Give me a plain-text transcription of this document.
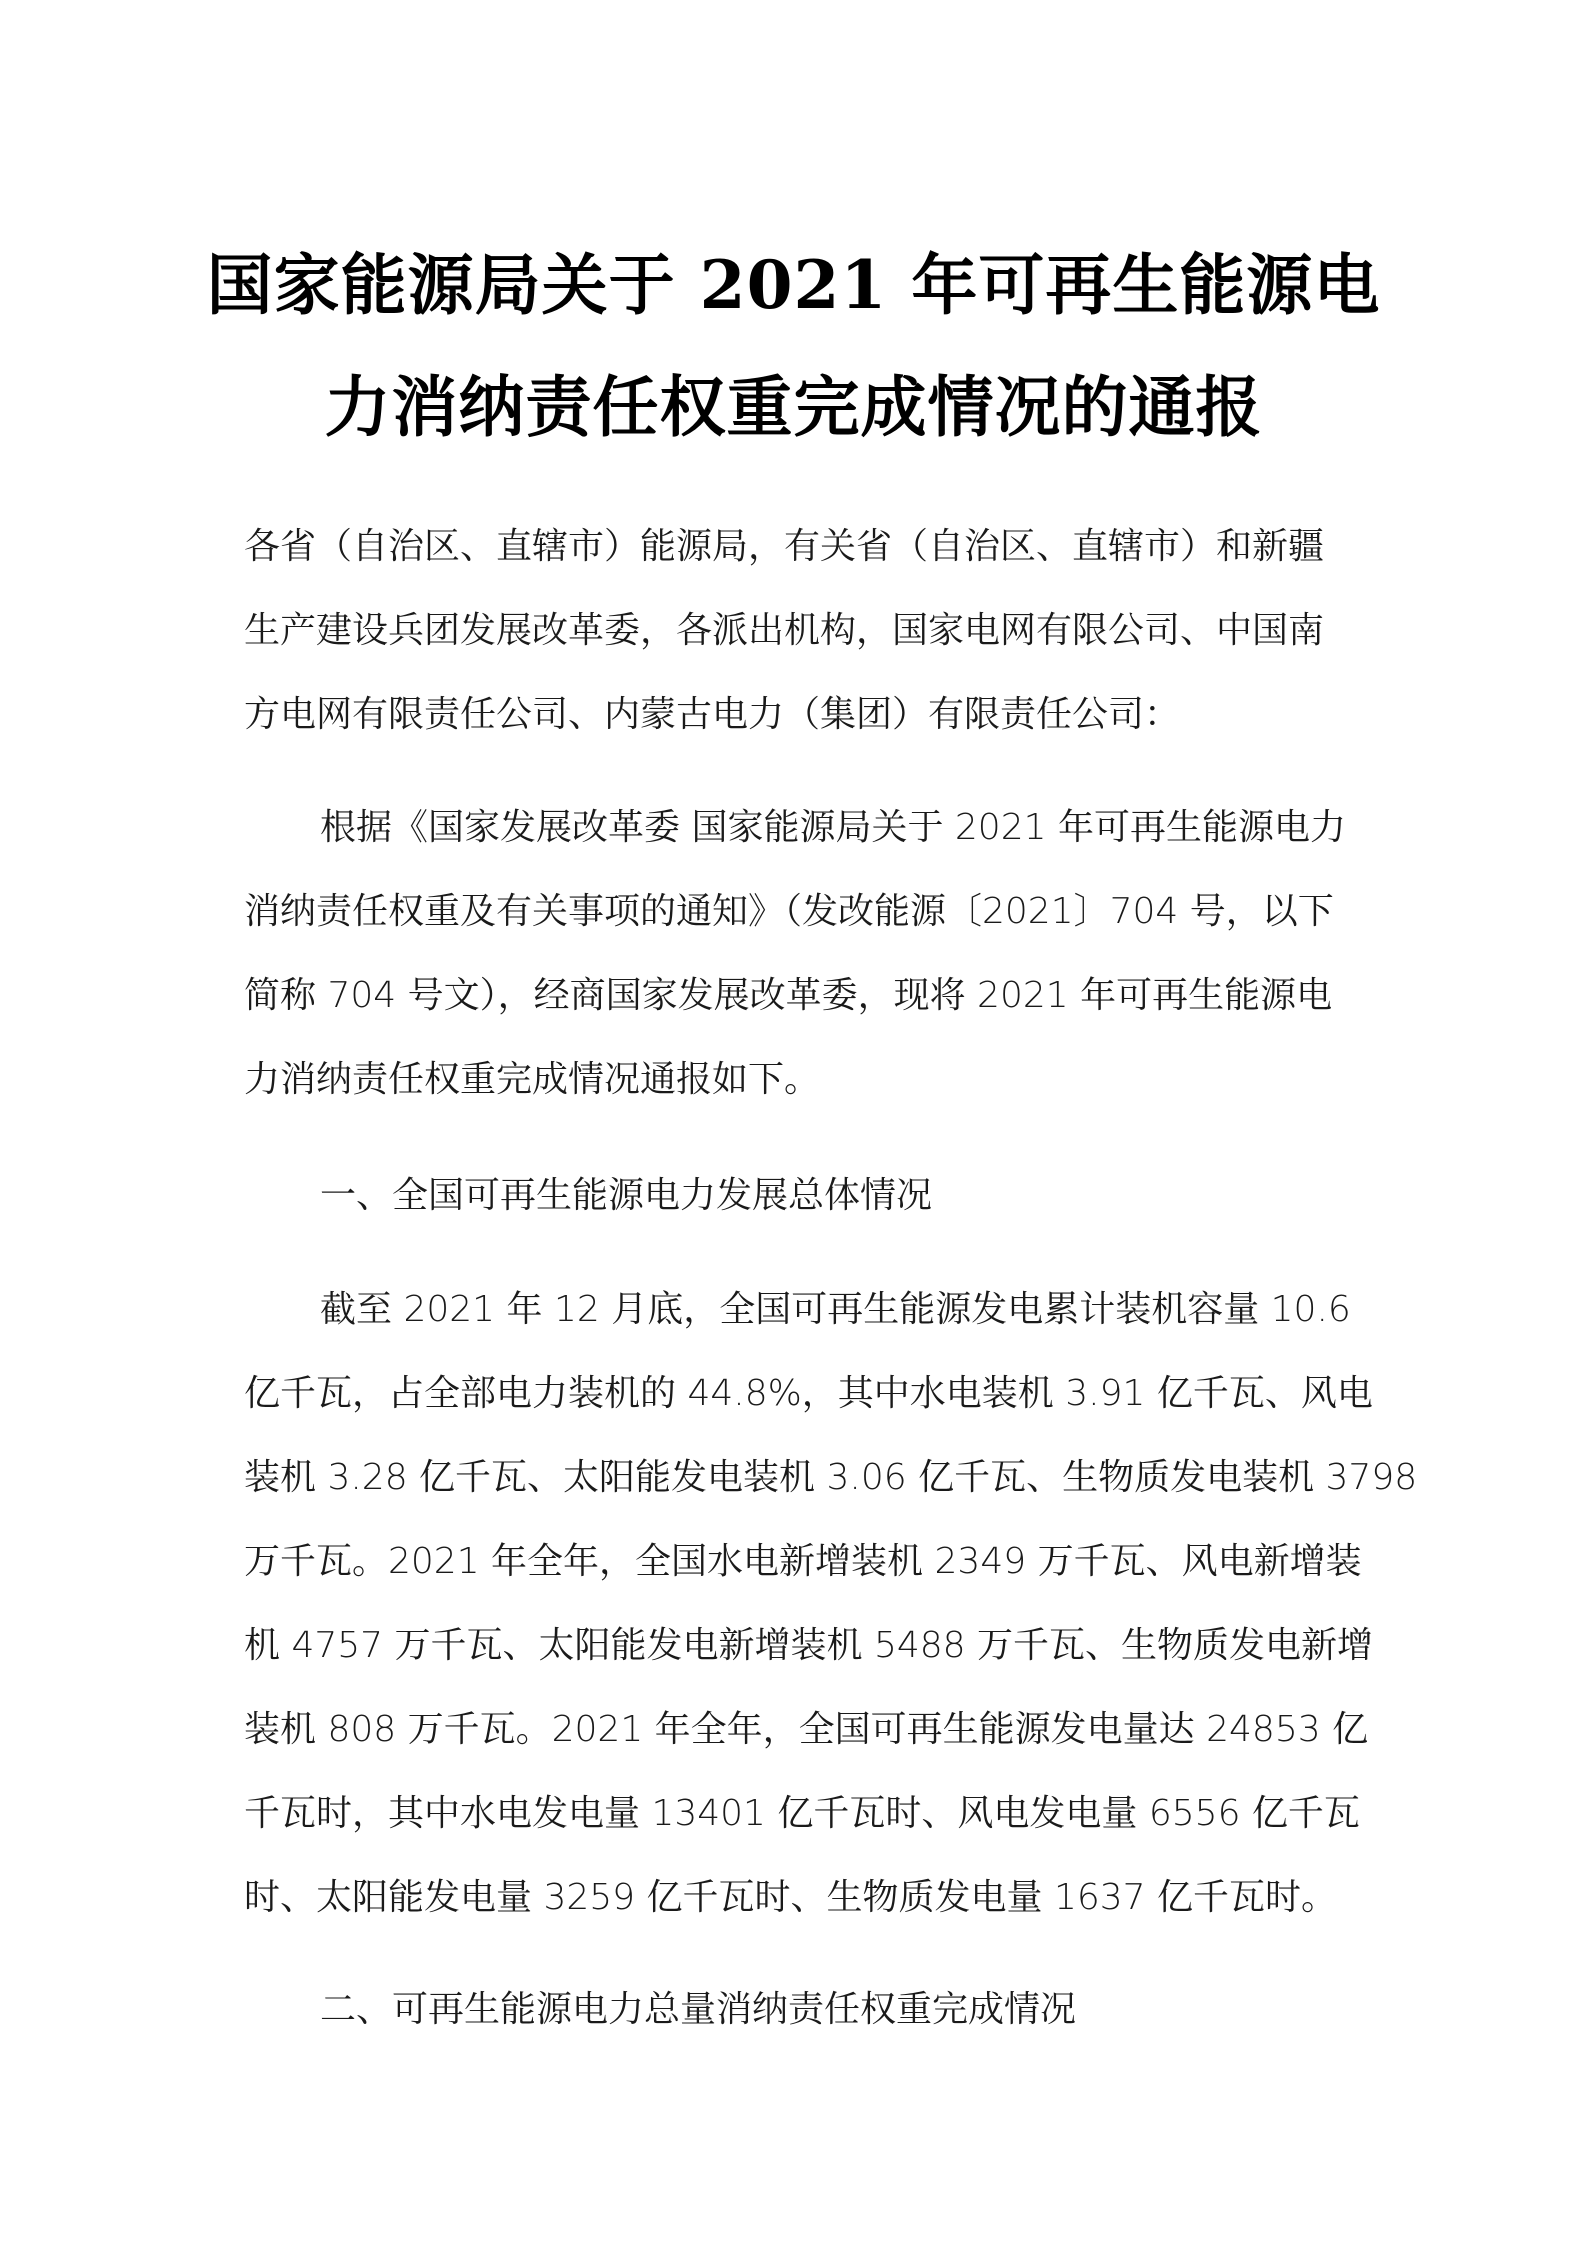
国家能源局关于 2021 年可再生能源电
力消纳责任权重完成情况的通报
各省（自治区、直辖市）能源局，有关省（自治区、直辖市）和新疆
生产建设兵团发展改革委，各派出机构，国家电网有限公司、中国南
方电网有限责任公司、内蒙古电力（集团）有限责任公司：
根据《国家发展改革委 国家能源局关于 2021 年可再生能源电力
消纳责任权重及有关事项的通知》（发改能源〔2021〕704 号，以下
简称 704 号文），经商国家发展改革委，现将 2021 年可再生能源电
力消纳责任权重完成情况通报如下。
一、全国可再生能源电力发展总体情况
截至 2021 年 12 月底，全国可再生能源发电累计装机容量 10.6
亿千瓦，占全部电力装机的 44.8%，其中水电装机 3.91 亿千瓦、风电
装机 3.28 亿千瓦、太阳能发电装机 3.06 亿千瓦、生物质发电装机 3798
万千瓦。2021 年全年，全国水电新增装机 2349 万千瓦、风电新增装
机 4757 万千瓦、太阳能发电新增装机 5488 万千瓦、生物质发电新增
装机 808 万千瓦。2021 年全年，全国可再生能源发电量达 24853 亿
千瓦时，其中水电发电量 13401 亿千瓦时、风电发电量 6556 亿千瓦
时、太阳能发电量 3259 亿千瓦时、生物质发电量 1637 亿千瓦时。
二、可再生能源电力总量消纳责任权重完成情况
